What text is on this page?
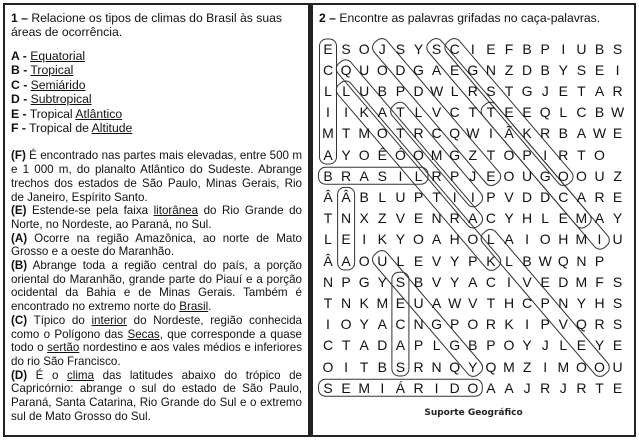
1 – Relacione os tipos de climas do Brasil às suas áreas de ocorrência.
A - Equatorial
B - Tropical
C - Semiárido
D - Subtropical
E - Tropical Atlântico
F - Tropical de Altitude
(F) É encontrado nas partes mais elevadas, entre 500 m e 1 000 m, do planalto Atlântico do Sudeste. Abrange trechos dos estados de São Paulo, Minas Gerais, Rio de Janeiro, Espírito Santo.
(E) Estende-se pela faixa litorânea do Rio Grande do Norte, no Nordeste, ao Paraná, no Sul.
(A) Ocorre na região Amazônica, ao norte de Mato Grosso e a oeste do Maranhão.
(B) Abrange toda a região central do país, a porção oriental do Maranhão, grande parte do Piauí e a porção ocidental da Bahia e de Minas Gerais. Também é encontrado no extremo norte do Brasil.
(C) Típico do interior do Nordeste, região conhecida como o Polígono das Secas, que corresponde a quase todo o sertão nordestino e aos vales médios e inferiores do rio São Francisco.
(D) É o clima das latitudes abaixo do trópico de Capricórnio: abrange o sul do estado de São Paulo, Paraná, Santa Catarina, Rio Grande do Sul e o extremo sul de Mato Grosso do Sul.
2 – Encontre as palavras grifadas no caça-palavras.
E S O J S Y S C I E F B P I U B S
C Q U O D G A E G N Z D B Y S E I
L L U B P D W L R S T G J E T A R
I	I K A T L V C T T E E Q L C B W
M T M O T R C Q W I Ã K R B A W E
A Y O Ê Ó O M G Z T O P I R T O
B R A S I L R P J E O U G O O U Z
Â Â B L U P T I	I P V D D C A R E
T N X Z V E N R A C Y H L E M A Y
L E I K Y O A H O L A I O H M I U
Â A O U L E V Y P K L B W Q N P
N P G Y S B V Y A C I V E D M F S
T N K M E U A W V T H C P N Y H S
I O Y A C N G P O R K I P V Q R S
C T A D A P L G B P O Y J L E Y E
O I T B S R N Q Y Q M Z I M O O U
S E M I Á R I D O A A J R J R T E
Suporte Geográfico
